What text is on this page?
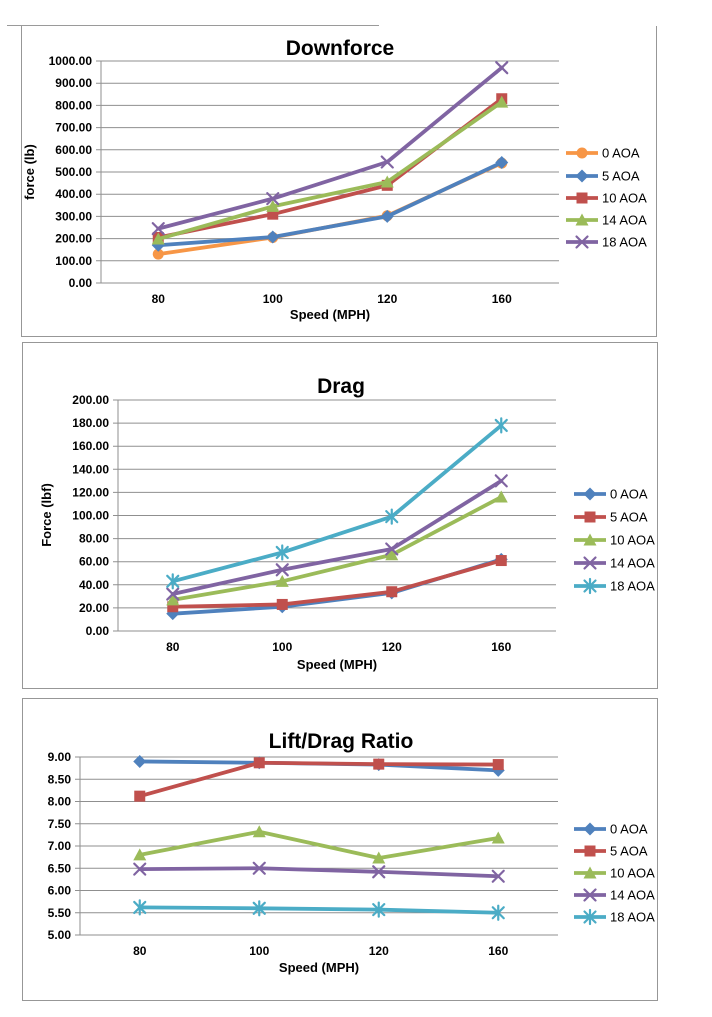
0.00
100.00
200.00
300.00
400.00
500.00
600.00
700.00
800.00
900.00
1000.00
80	100	120	160
Speed (MPH)
force (lb)
Downforce
0 AOA
5 AOA
10 AOA
14 AOA
18 AOA
0.00
20.00
40.00
60.00
80.00
100.00
120.00
140.00
160.00
180.00
200.00
80	100	120	160
Speed (MPH)
Force (lbf)
Drag
0 AOA
5 AOA
10 AOA
14 AOA
18 AOA
5.00
5.50
6.00
6.50
7.00
7.50
8.00
8.50
9.00
80	100	120	160
Speed (MPH)
Lift/Drag Ratio
0 AOA
5 AOA
10 AOA
14 AOA
18 AOA
